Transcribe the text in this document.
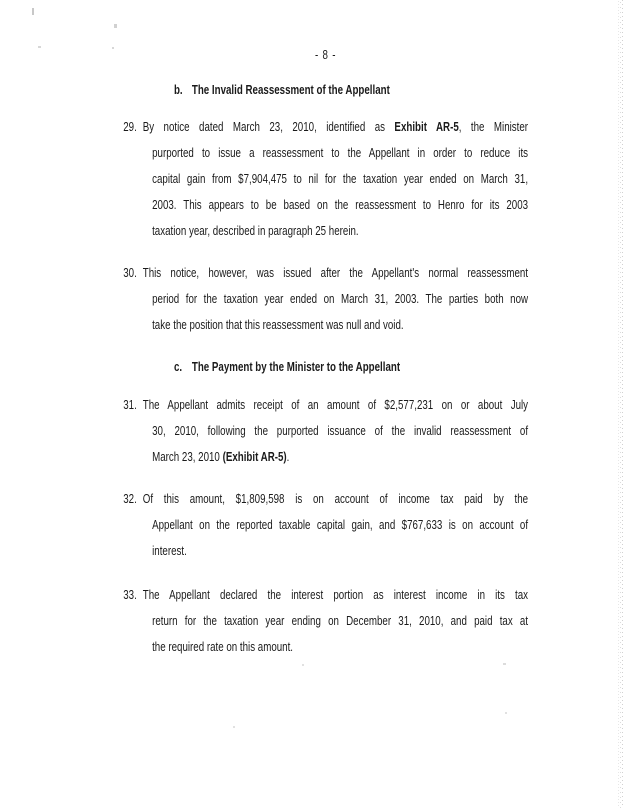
- 8 -
b. The Invalid Reassessment of the Appellant
29. By notice dated March 23, 2010, identified as Exhibit AR-5, the Minister
purported to issue a reassessment to the Appellant in order to reduce its
capital gain from $7,904,475 to nil for the taxation year ended on March 31,
2003. This appears to be based on the reassessment to Henro for its 2003
taxation year, described in paragraph 25 herein.
30. This notice, however, was issued after the Appellant's normal reassessment
period for the taxation year ended on March 31, 2003. The parties both now
take the position that this reassessment was null and void.
c. The Payment by the Minister to the Appellant
31. The Appellant admits receipt of an amount of $2,577,231 on or about July
30, 2010, following the purported issuance of the invalid reassessment of
March 23, 2010 (Exhibit AR-5).
32. Of this amount, $1,809,598 is on account of income tax paid by the
Appellant on the reported taxable capital gain, and $767,633 is on account of
interest.
33. The Appellant declared the interest portion as interest income in its tax
return for the taxation year ending on December 31, 2010, and paid tax at
the required rate on this amount.
